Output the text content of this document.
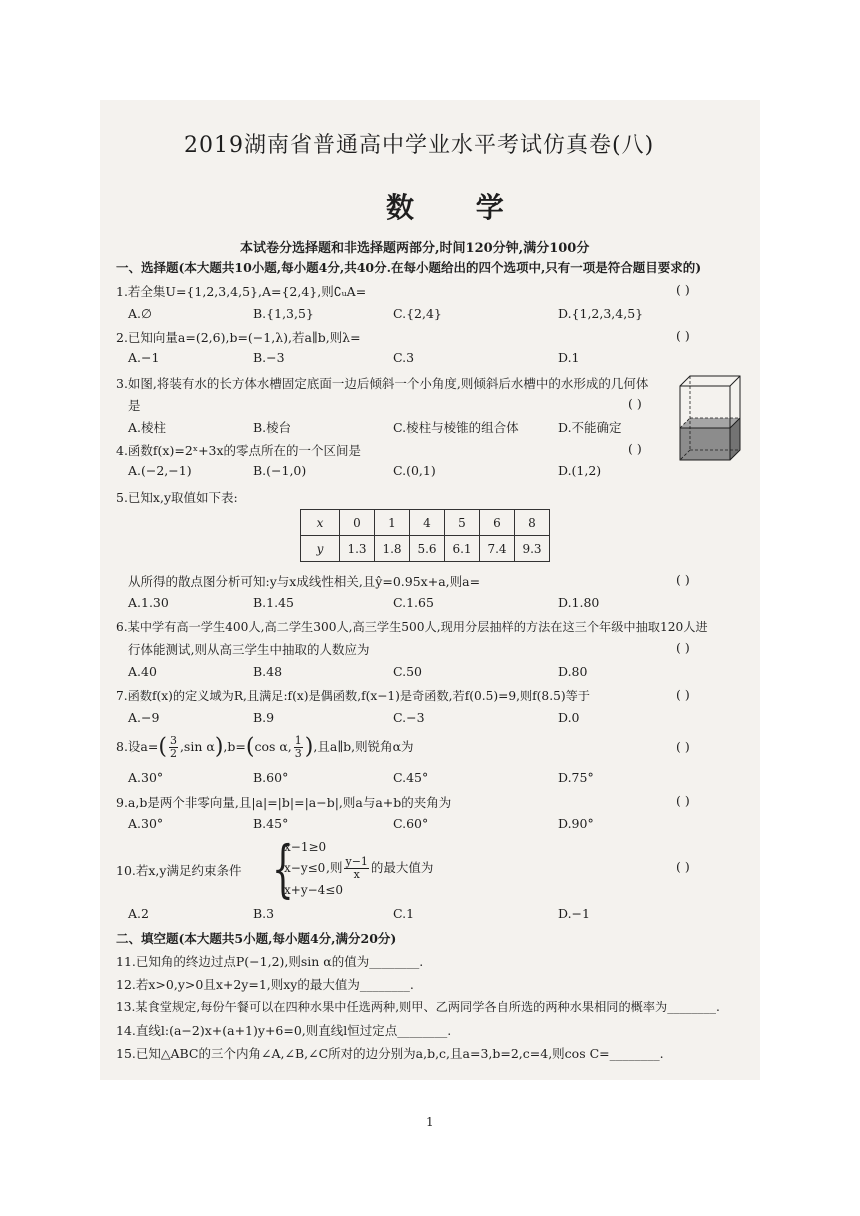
2019湖南省普通高中学业水平考试仿真卷(八)
数 学
本试卷分选择题和非选择题两部分,时间120分钟,满分100分
一、选择题(本大题共10小题,每小题4分,共40分.在每小题给出的四个选项中,只有一项是符合题目要求的)
1.若全集U={1,2,3,4,5},A={2,4},则∁ᵤA=	( )
A.∅	B.{1,3,5}	C.{2,4}	D.{1,2,3,4,5}
2.已知向量a=(2,6),b=(−1,λ),若a∥b,则λ=	( )
A.−1	B.−3	C.3	D.1
3.如图,将装有水的长方体水槽固定底面一边后倾斜一个小角度,则倾斜后水槽中的水形成的几何体
是	( )
A.棱柱	B.棱台	C.棱柱与棱锥的组合体	D.不能确定
4.函数f(x)=2ˣ+3x的零点所在的一个区间是	( )
A.(−2,−1)	B.(−1,0)	C.(0,1)	D.(1,2)
5.已知x,y取值如下表:
x	0	1	4	5	6	8
y	1.3	1.8	5.6	6.1	7.4	9.3
从所得的散点图分析可知:y与x成线性相关,且ŷ=0.95x+a,则a=	( )
A.1.30	B.1.45	C.1.65	D.1.80
6.某中学有高一学生400人,高二学生300人,高三学生500人,现用分层抽样的方法在这三个年级中抽取120人进
行体能测试,则从高三学生中抽取的人数应为	( )
A.40	B.48	C.50	D.80
7.函数f(x)的定义域为R,且满足:f(x)是偶函数,f(x−1)是奇函数,若f(0.5)=9,则f(8.5)等于	( )
A.−9	B.9	C.−3	D.0
8.设$a=( \frac{3}{2} ,\sin$ α),b=(cos α, $\frac{1}{3}$ ),且a∥b,则锐角α为	( )
A.30°	B.60°	C.45°	D.75°
9.a,b是两个非零向量,且|a|=|b|=|a−b|,则a与a+b的夹角为	( )
A.30°	B.45°	C.60°	D.90°
10.若x,y满足约束条件 {
x−1≥0
x−y≤0
x+y−4≤0
,则 $\frac{y-1}{x}$ 的最大值为	( )
A.2	B.3	C.1	D.−1
二、填空题(本大题共5小题,每小题4分,满分20分)
11.已知角的终边过点P(−1,2),则sin α的值为________.
12.若x>0,y>0且x+2y=1,则xy的最大值为________.
13.某食堂规定,每份午餐可以在四种水果中任选两种,则甲、乙两同学各自所选的两种水果相同的概率为________.
14.直线l:(a−2)x+(a+1)y+6=0,则直线l恒过定点________.
15.已知△ABC的三个内角∠A,∠B,∠C所对的边分别为a,b,c,且a=3,b=2,c=4,则cos C=________.
1
